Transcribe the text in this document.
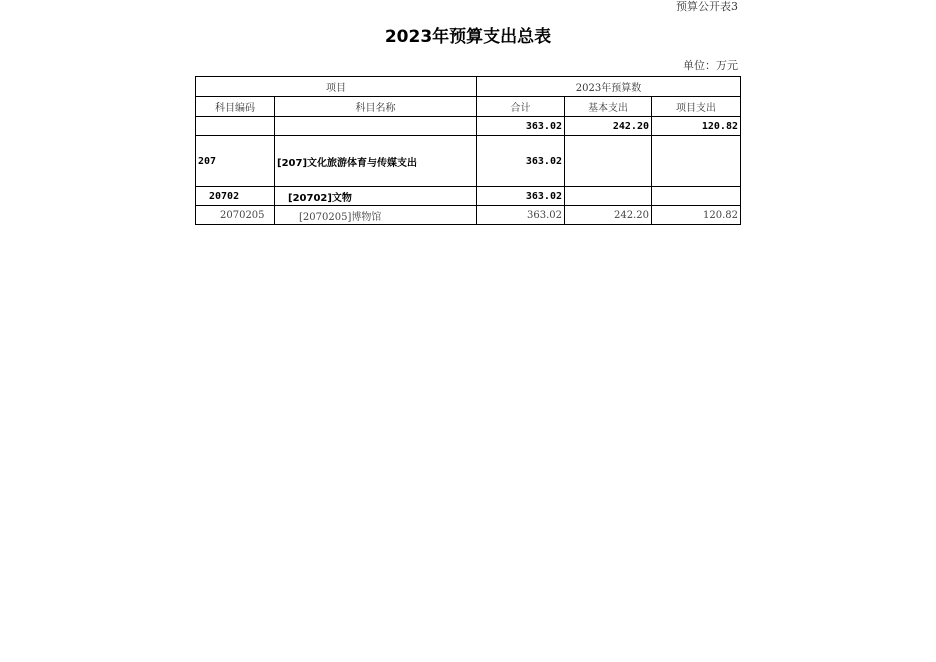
预算公开表3
2023年预算支出总表
单位：万元
项目		2023年预算数		
科目编码	科目名称	合计	基本支出	项目支出
		363.02	242.20	120.82
207	[207]文化旅游体育与传媒支出	363.02		
20702	[20702]文物	363.02		
2070205	[2070205]博物馆	363.02	242.20	120.82
